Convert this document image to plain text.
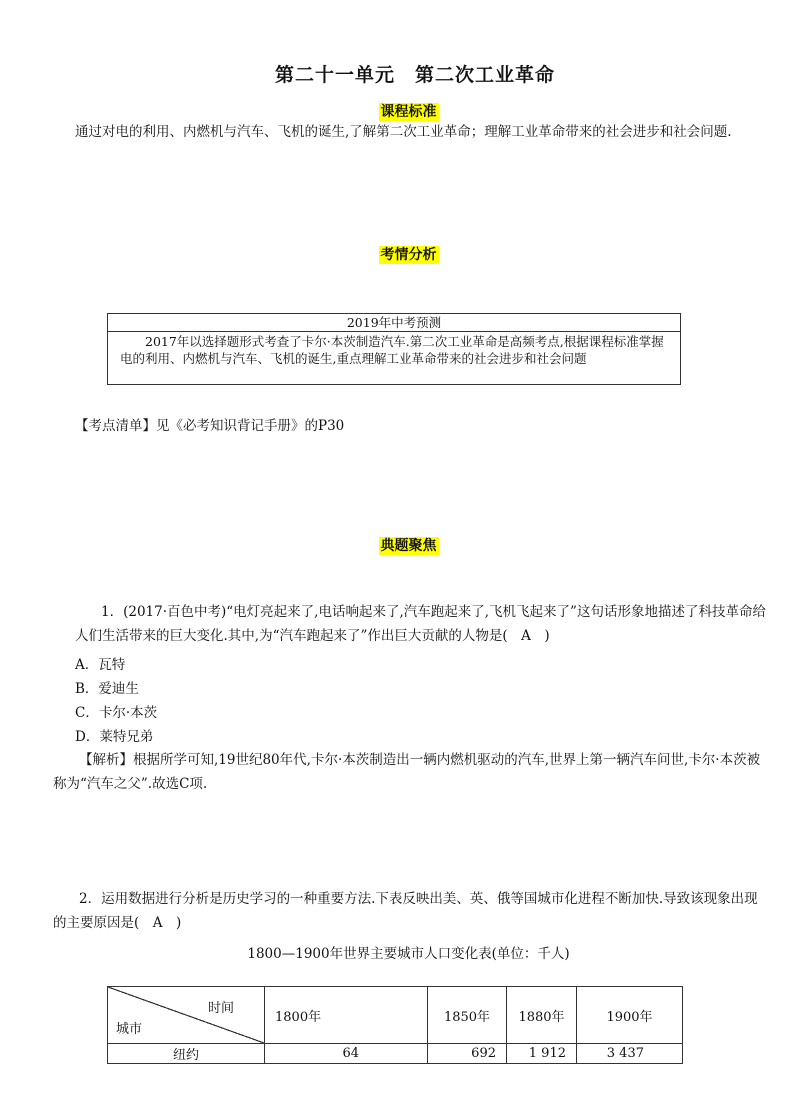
第二十一单元　第二次工业革命
课程标准

通过对电的利用、内燃机与汽车、飞机的诞生,了解第二次工业革命；理解工业革命带来的社会进步和社会问题.

考情分析
2019年中考预测
2017年以选择题形式考查了卡尔·本茨制造汽车.第二次工业革命是高频考点,根据课程标准掌握电的利用、内燃机与汽车、飞机的诞生,重点理解工业革命带来的社会进步和社会问题
【考点清单】见《必考知识背记手册》的P30
典题聚焦

1．(2017·百色中考)“电灯亮起来了,电话响起来了,汽车跑起来了,飞机飞起来了”这句话形象地描述了科技革命给人们生活带来的巨大变化.其中,为“汽车跑起来了”作出巨大贡献的人物是(　A　)

A．瓦特
B．爱迪生
C．卡尔·本茨
D．莱特兄弟

【解析】根据所学可知,19世纪80年代,卡尔·本茨制造出一辆内燃机驱动的汽车,世界上第一辆汽车问世,卡尔·本茨被称为“汽车之父”.故选C项.

2．运用数据进行分析是历史学习的一种重要方法.下表反映出美、英、俄等国城市化进程不断加快.导致该现象出现的主要原因是(　A　)

1800—1900年世界主要城市人口变化表(单位：千人)
时间
城市	1800年	1850年	1880年	1900年
纽约	64	692	1 912	3 437
